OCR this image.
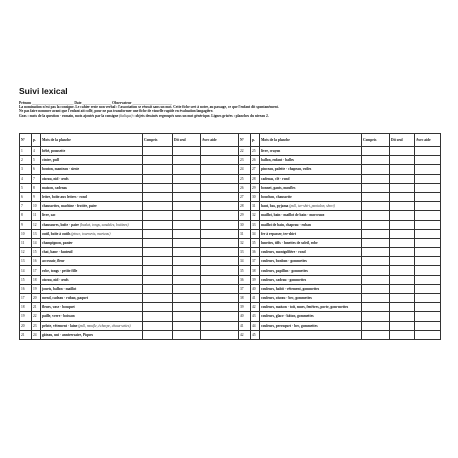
Suivi lexical
Prénom _______________________ Date ________________ Observateur ______________________
La nomination n'est pas la consigne. Le cahier reste non verbal : l'association se réussit sans un mot. Cette fiche sert à noter, au passage, ce que l'enfant dit spontanément.
Ne pas faire nommer avant que l'enfant ait collé, pour ne pas transformer une fiche de visuelle rapide en évaluation langagière.
Gras : mots de la question - romain, mots ajoutés par la consigne (italique) : objets dessinés regroupés sous un mot générique. Lignes grisées : planches du niveau 2.
N°	p.	Mots de la planche	Compris	Dit seul	Avec aide
1	4	bébé, poussette			
2	5	cintre, pull			
3	6	bouton, manteau · sieste			
4	7	oiseau, nid · œufs			
5	8	maison, cadenas			
6	9	lettre, boîte aux lettres · rond			
7	10	chaussettes, machine · frottée, paire			
8	11	livre, sac			
9	12	chaussures, boîte · paire (basket, tongs, sandales, bottines)			
10	13	outil, boîte à outils (pince, tournevis, marteau)			
11	14	champignon, panier			
12	15	chat, bane · fauteuil			
13	16	accessoir, fleur			
14	17	robe, tongs · petite fille			
15	18	oiseau, nid · œufs			
16	19	jouets, ballon · maillot			
17	20	mend, cadeau · ruban, paquet			
18	21	fleurs, vase · bouquet			
19	22	paille, verre · boisson			
20	23	pelote, vêtement · laine (pull, moufle, écharpe, chaus-settes)			
21	24	gâteau, uni · anniversaire, Piques			
N°	p.	Mots de la planche	Compris	Dit seul	Avec aide
22	25	livre, crayon			
23	26	ballon, enfant · balles			
24	27	pinceau, palette · chapeau, voiles			
25	28	cadenas, clé · rond			
26	29	bonnet, gants, moufles			
27	30	bouchon, chaussette			
28	31	haut, bas, pyjama (pull, tee-shirt, pantalon, short)			
29	32	maillot, bain · maillot de bain · morceaux			
30	33	maillot de bain, chapeau · ruban			
31	34	fer à repasser, tee-shirt			
32	35	lunettes, tiffs · lunettes de soleil, robe			
33	36	couleurs, montgolfière · rond			
34	37	couleurs, bonbon · gommettes			
35	38	couleurs, papillon · gommettes			
36	39	couleurs, cadeau · gommettes			
37	40	couleurs, habit · vêtement, gommettes			
38	41	couleurs, oiseau · bec, gommettes			
39	42	couleurs, maison · toit, murs, fenêtres, porte, gom-mettes			
40	43	couleurs, glace · bâton, gommettes			
41	44	couleurs, perroquet · bec, gommettes			
42	45				
